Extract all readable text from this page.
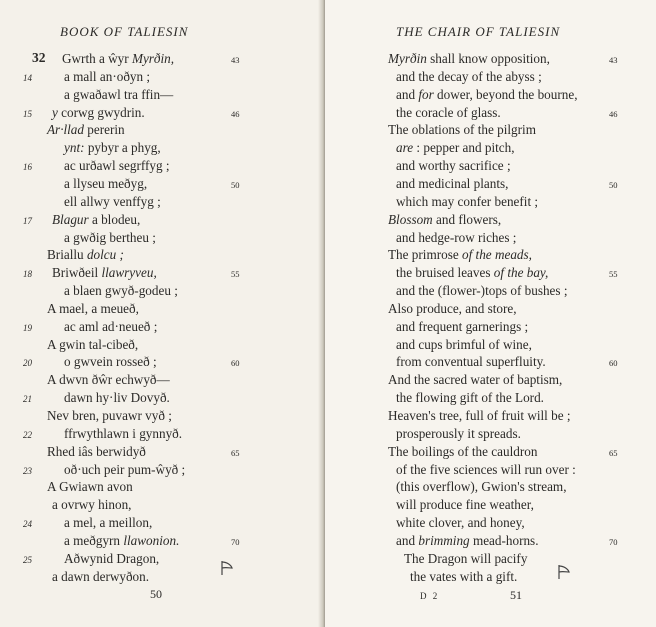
BOOK OF TALIESIN
32 Gwrth a ŵyr Myrðin,	43
14 a mall an·oðyn ;
a gwaðawl tra ffin—
15 y corwg gwydrin.	46
Ar·llad pererin
ynt: pybyr a phyg,
16 ac urðawl segrffyg ;
a llyseu meðyg,	50
ell allwy venffyg ;
17 Blagur a blodeu,
a gwðig bertheu ;
Briallu dolcu ;
18 Briwðeil llawryveu,	55
a blaen gwyð-godeu ;
A mael, a meueð,
19 ac aml ad·neueð ;
A gwin tal-cibeð,
20 o gwvein rosseð ;	60
A dwvn ðŵr echwyð—
21 dawn hy·liv Dovyð.
Nev bren, puvawr vyð ;
22 ffrwythlawn i gynnyð.
Rhed iâs berwidyð	65
23 oð·uch peir pum-ŵyð ;
A Gwiawn avon
a ovrwy hinon,
24 a mel, a meillon,
a meðgyrn llawonion.	70
25 Aðwynid Dragon,
a dawn derwyðon.
50
THE CHAIR OF TALIESIN
Myrðin shall know opposition,	43
and the decay of the abyss ;
and for dower, beyond the bourne,
the coracle of glass.	46
The oblations of the pilgrim
are : pepper and pitch,
and worthy sacrifice ;
and medicinal plants,	50
which may confer benefit ;
Blossom and flowers,
and hedge-row riches ;
The primrose of the meads,
the bruised leaves of the bay,	55
and the (flower-)tops of bushes ;
Also produce, and store,
and frequent garnerings ;
and cups brimful of wine,
from conventual superfluity.	60
And the sacred water of baptism,
the flowing gift of the Lord.
Heaven's tree, full of fruit will be ;
prosperously it spreads.
The boilings of the cauldron	65
of the five sciences will run over :
(this overflow), Gwion's stream,
will produce fine weather,
white clover, and honey,
and brimming mead-horns.	70
The Dragon will pacify
the vates with a gift.
D 2	51
